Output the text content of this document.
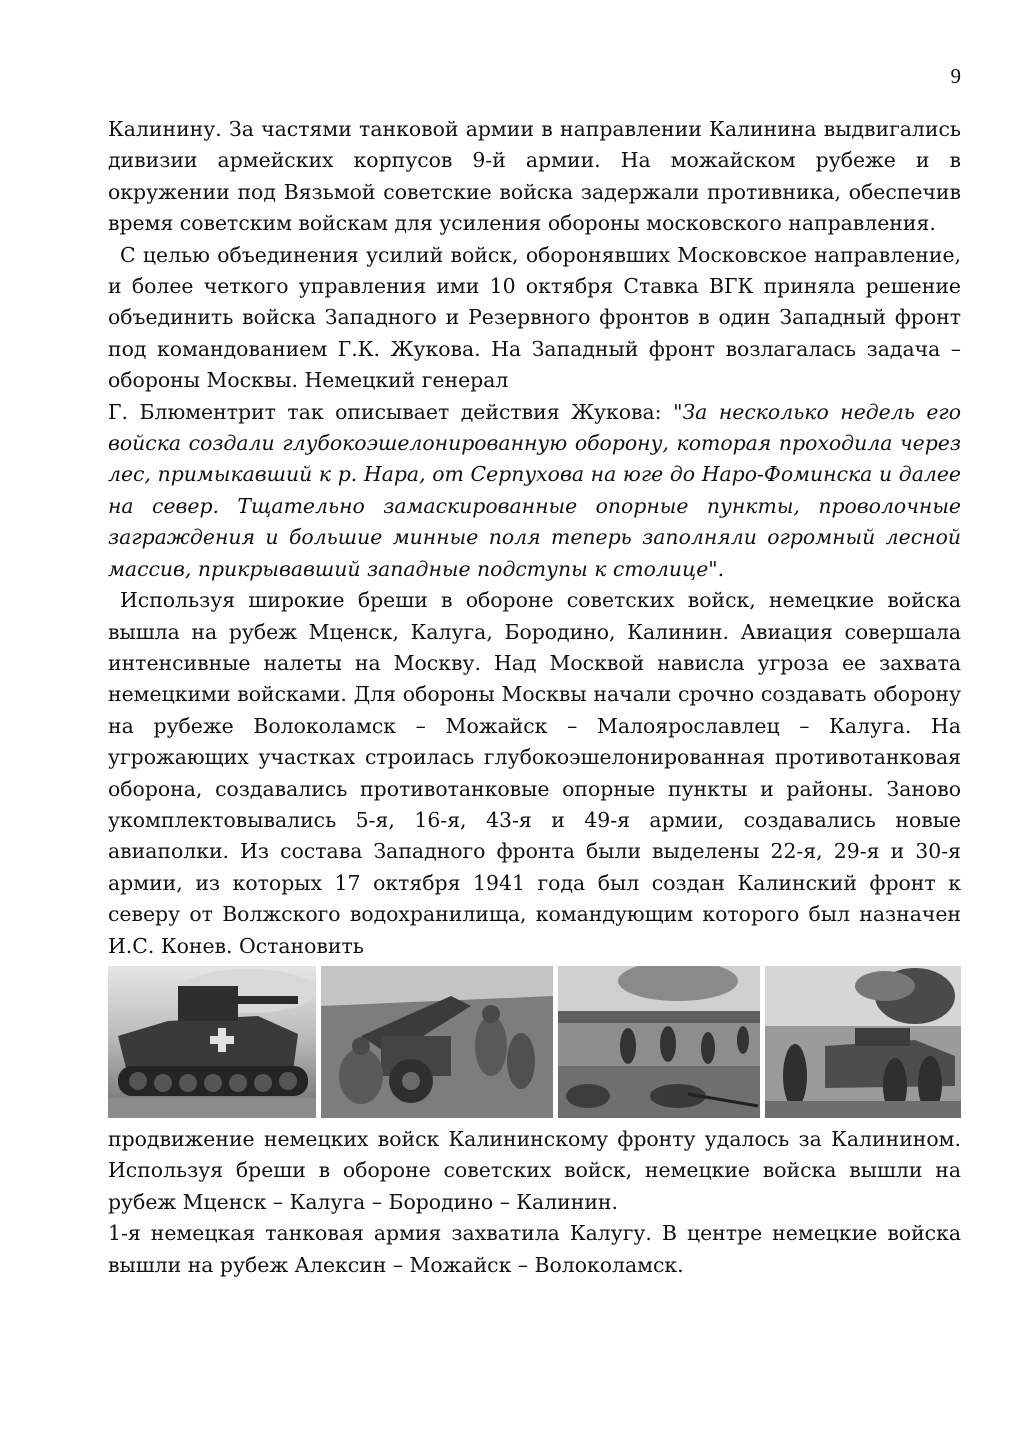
9

Калинину. За частями танковой армии в направлении Калинина выдвигались дивизии армейских корпусов 9-й армии. На можайском рубеже и в окружении под Вязьмой советские войска задержали противника, обеспечив время советским войскам для усиления обороны московского направления.

С целью объединения усилий войск, оборонявших Московское направление, и более четкого управления ими 10 октября Ставка ВГК приняла решение объединить войска Западного и Резервного фронтов в один Западный фронт под командованием Г.К. Жукова. На Западный фронт возлагалась задача – обороны Москвы. Немецкий генерал

Г. Блюментрит так описывает действия Жукова: "За несколько недель его войска создали глубокоэшелонированную оборону, которая проходила через лес, примыкавший к р. Нара, от Серпухова на юге до Наро-Фоминска и далее на север. Тщательно замаскированные опорные пункты, проволочные заграждения и большие минные поля теперь заполняли огромный лесной массив, прикрывавший западные подступы к столице".

Используя широкие бреши в обороне советских войск, немецкие войска вышла на рубеж Мценск, Калуга, Бородино, Калинин. Авиация совершала интенсивные налеты на Москву. Над Москвой нависла угроза ее захвата немецкими войсками. Для обороны Москвы начали срочно создавать оборону на рубеже Волоколамск – Можайск – Малоярославлец – Калуга. На угрожающих участках строилась глубокоэшелонированная противотанковая оборона, создавались противотанковые опорные пункты и районы. Заново укомплектовывались 5-я, 16-я, 43-я и 49-я армии, создавались новые авиаполки. Из состава Западного фронта были выделены 22-я, 29-я и 30-я армии, из которых 17 октября 1941 года был создан Калинский фронт к северу от Волжского водохранилища, командующим которого был назначен И.С. Конев. Остановить

продвижение немецких войск Калининскому фронту удалось за Калинином. Используя бреши в обороне советских войск, немецкие войска вышли на рубеж Мценск – Калуга – Бородино – Калинин.

1-я немецкая танковая армия захватила Калугу. В центре немецкие войска вышли на рубеж Алексин – Можайск – Волоколамск.
